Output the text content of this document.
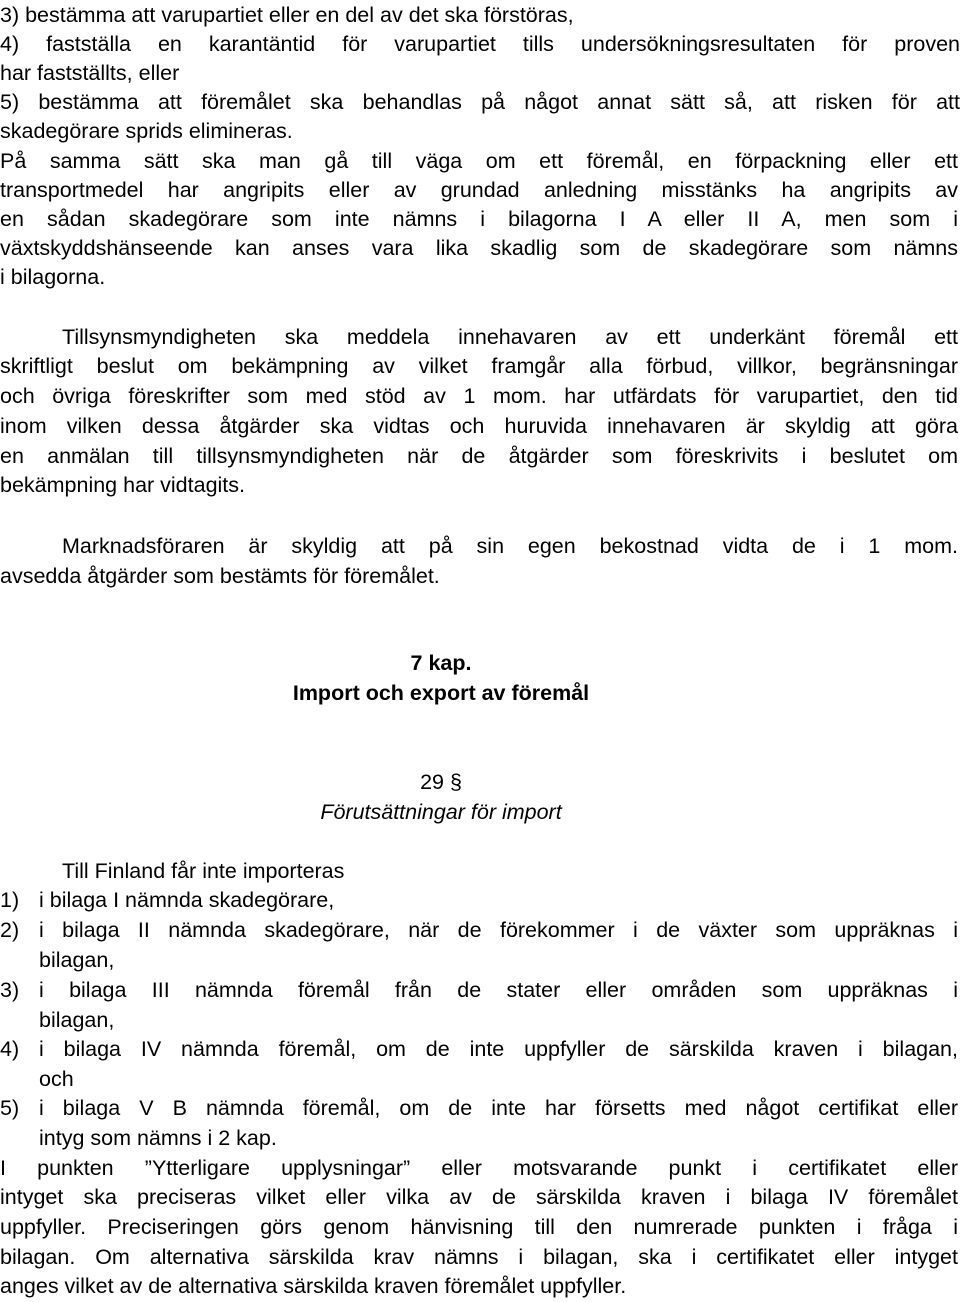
3) bestämma att varupartiet eller en del av det ska förstöras,
4) fastställa en karantäntid för varupartiet tills undersökningsresultaten för proven
har fastställts, eller
5) bestämma att föremålet ska behandlas på något annat sätt så, att risken för att
skadegörare sprids elimineras.
På samma sätt ska man gå till väga om ett föremål, en förpackning eller ett
transportmedel har angripits eller av grundad anledning misstänks ha angripits av
en sådan skadegörare som inte nämns i bilagorna I A eller II A, men som i
växtskyddshänseende kan anses vara lika skadlig som de skadegörare som nämns
i bilagorna.
Tillsynsmyndigheten ska meddela innehavaren av ett underkänt föremål ett
skriftligt beslut om bekämpning av vilket framgår alla förbud, villkor, begränsningar
och övriga föreskrifter som med stöd av 1 mom. har utfärdats för varupartiet, den tid
inom vilken dessa åtgärder ska vidtas och huruvida innehavaren är skyldig att göra
en anmälan till tillsynsmyndigheten när de åtgärder som föreskrivits i beslutet om
bekämpning har vidtagits.
Marknadsföraren är skyldig att på sin egen bekostnad vidta de i 1 mom.
avsedda åtgärder som bestämts för föremålet.
7 kap.
Import och export av föremål
29 §
Förutsättningar för import
Till Finland får inte importeras
1) i bilaga I nämnda skadegörare,
2) i bilaga II nämnda skadegörare, när de förekommer i de växter som uppräknas i
bilagan,
3) i bilaga III nämnda föremål från de stater eller områden som uppräknas i
bilagan,
4) i bilaga IV nämnda föremål, om de inte uppfyller de särskilda kraven i bilagan,
och
5) i bilaga V B nämnda föremål, om de inte har försetts med något certifikat eller
intyg som nämns i 2 kap.
I punkten ”Ytterligare upplysningar” eller motsvarande punkt i certifikatet eller
intyget ska preciseras vilket eller vilka av de särskilda kraven i bilaga IV föremålet
uppfyller. Preciseringen görs genom hänvisning till den numrerade punkten i fråga i
bilagan. Om alternativa särskilda krav nämns i bilagan, ska i certifikatet eller intyget
anges vilket av de alternativa särskilda kraven föremålet uppfyller.
